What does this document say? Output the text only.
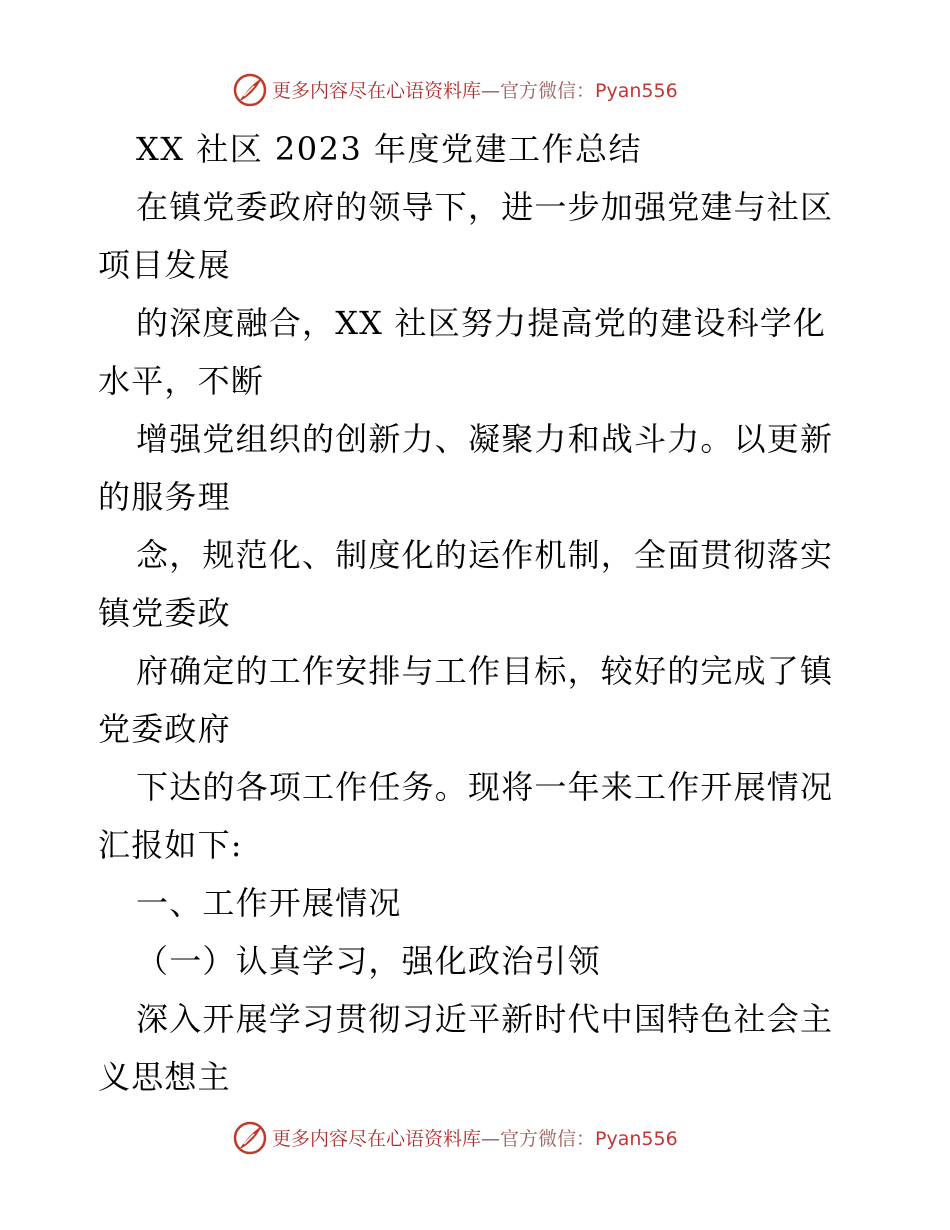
更多内容尽在心语资料库—官方微信：Pyan556
XX 社区 2023 年度党建工作总结
在镇党委政府的领导下，进一步加强党建与社区
项目发展
的深度融合，XX 社区努力提高党的建设科学化
水平，不断
增强党组织的创新力、凝聚力和战斗力。以更新
的服务理
念，规范化、制度化的运作机制，全面贯彻落实
镇党委政
府确定的工作安排与工作目标，较好的完成了镇
党委政府
下达的各项工作任务。现将一年来工作开展情况
汇报如下:
一、工作开展情况
（一）认真学习，强化政治引领
深入开展学习贯彻习近平新时代中国特色社会主
义思想主
更多内容尽在心语资料库—官方微信：Pyan556
